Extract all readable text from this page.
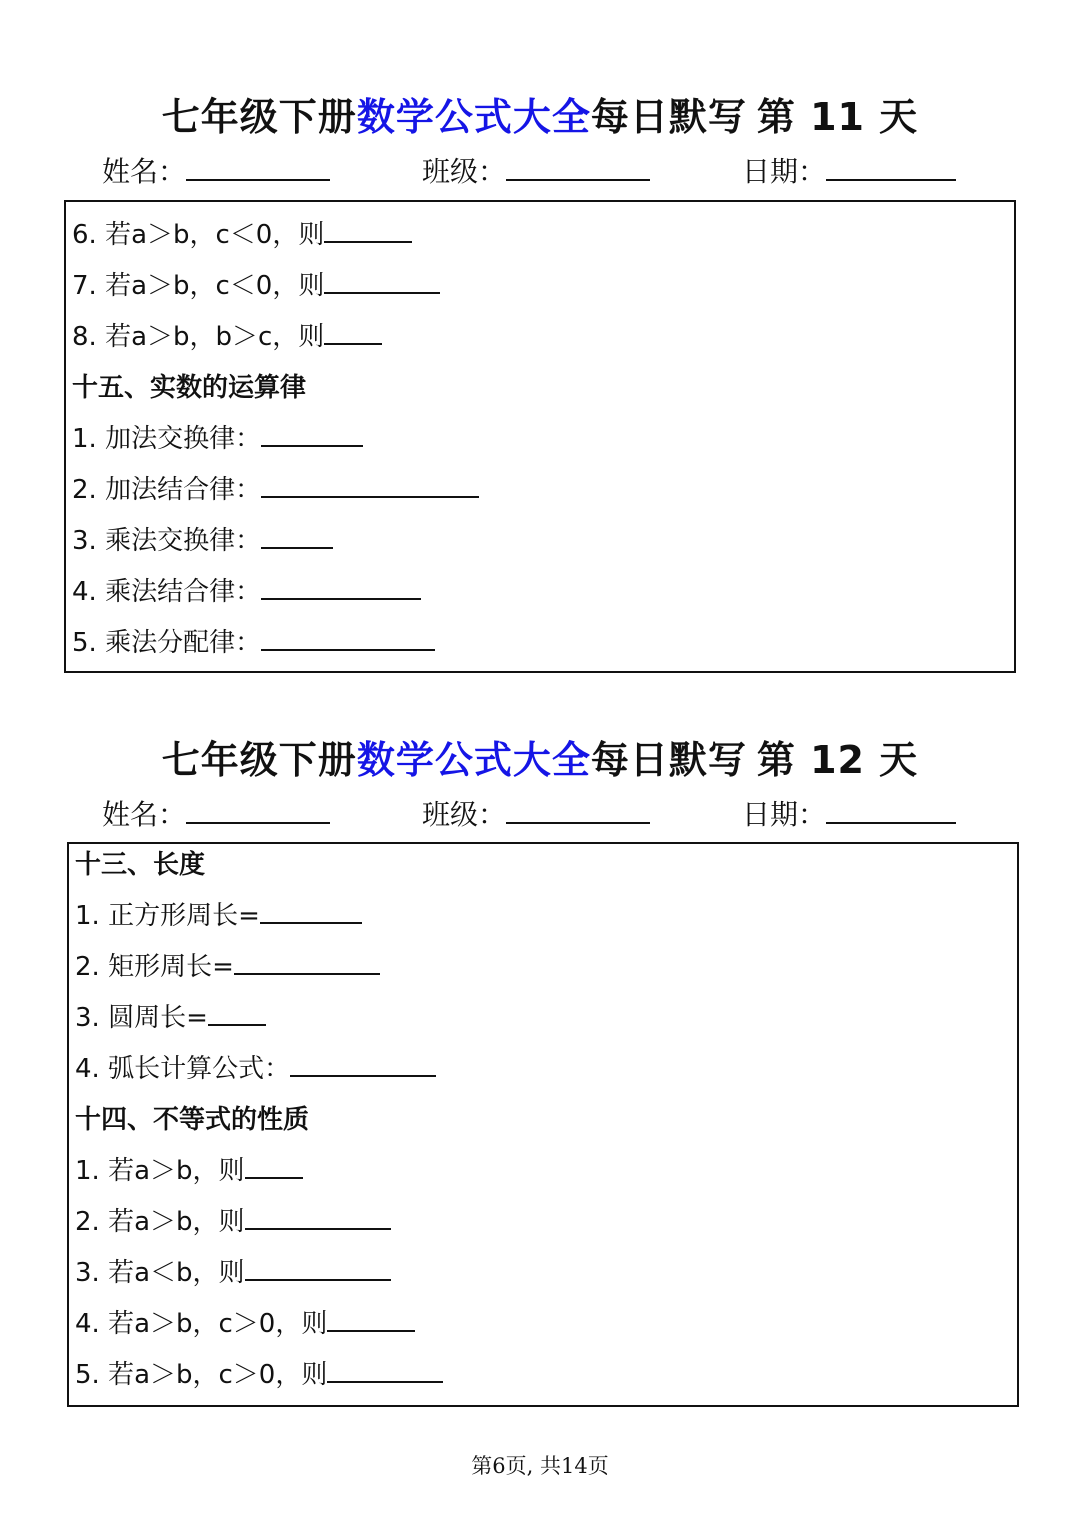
七年级下册数学公式大全每日默写 第 11 天
姓名：	班级：	日期：
6. 若a＞b，c＜0，则
7. 若a＞b，c＜0，则
8. 若a＞b，b＞c，则
十五、实数的运算律
1. 加法交换律：
2. 加法结合律：
3. 乘法交换律：
4. 乘法结合律：
5. 乘法分配律：
七年级下册数学公式大全每日默写 第 12 天
姓名：	班级：	日期：
十三、长度
1. 正方形周长=
2. 矩形周长=
3. 圆周长=
4. 弧长计算公式：
十四、不等式的性质
1. 若a＞b，则
2. 若a＞b，则
3. 若a＜b，则
4. 若a＞b，c＞0，则
5. 若a＞b，c＞0，则
第6页, 共14页
